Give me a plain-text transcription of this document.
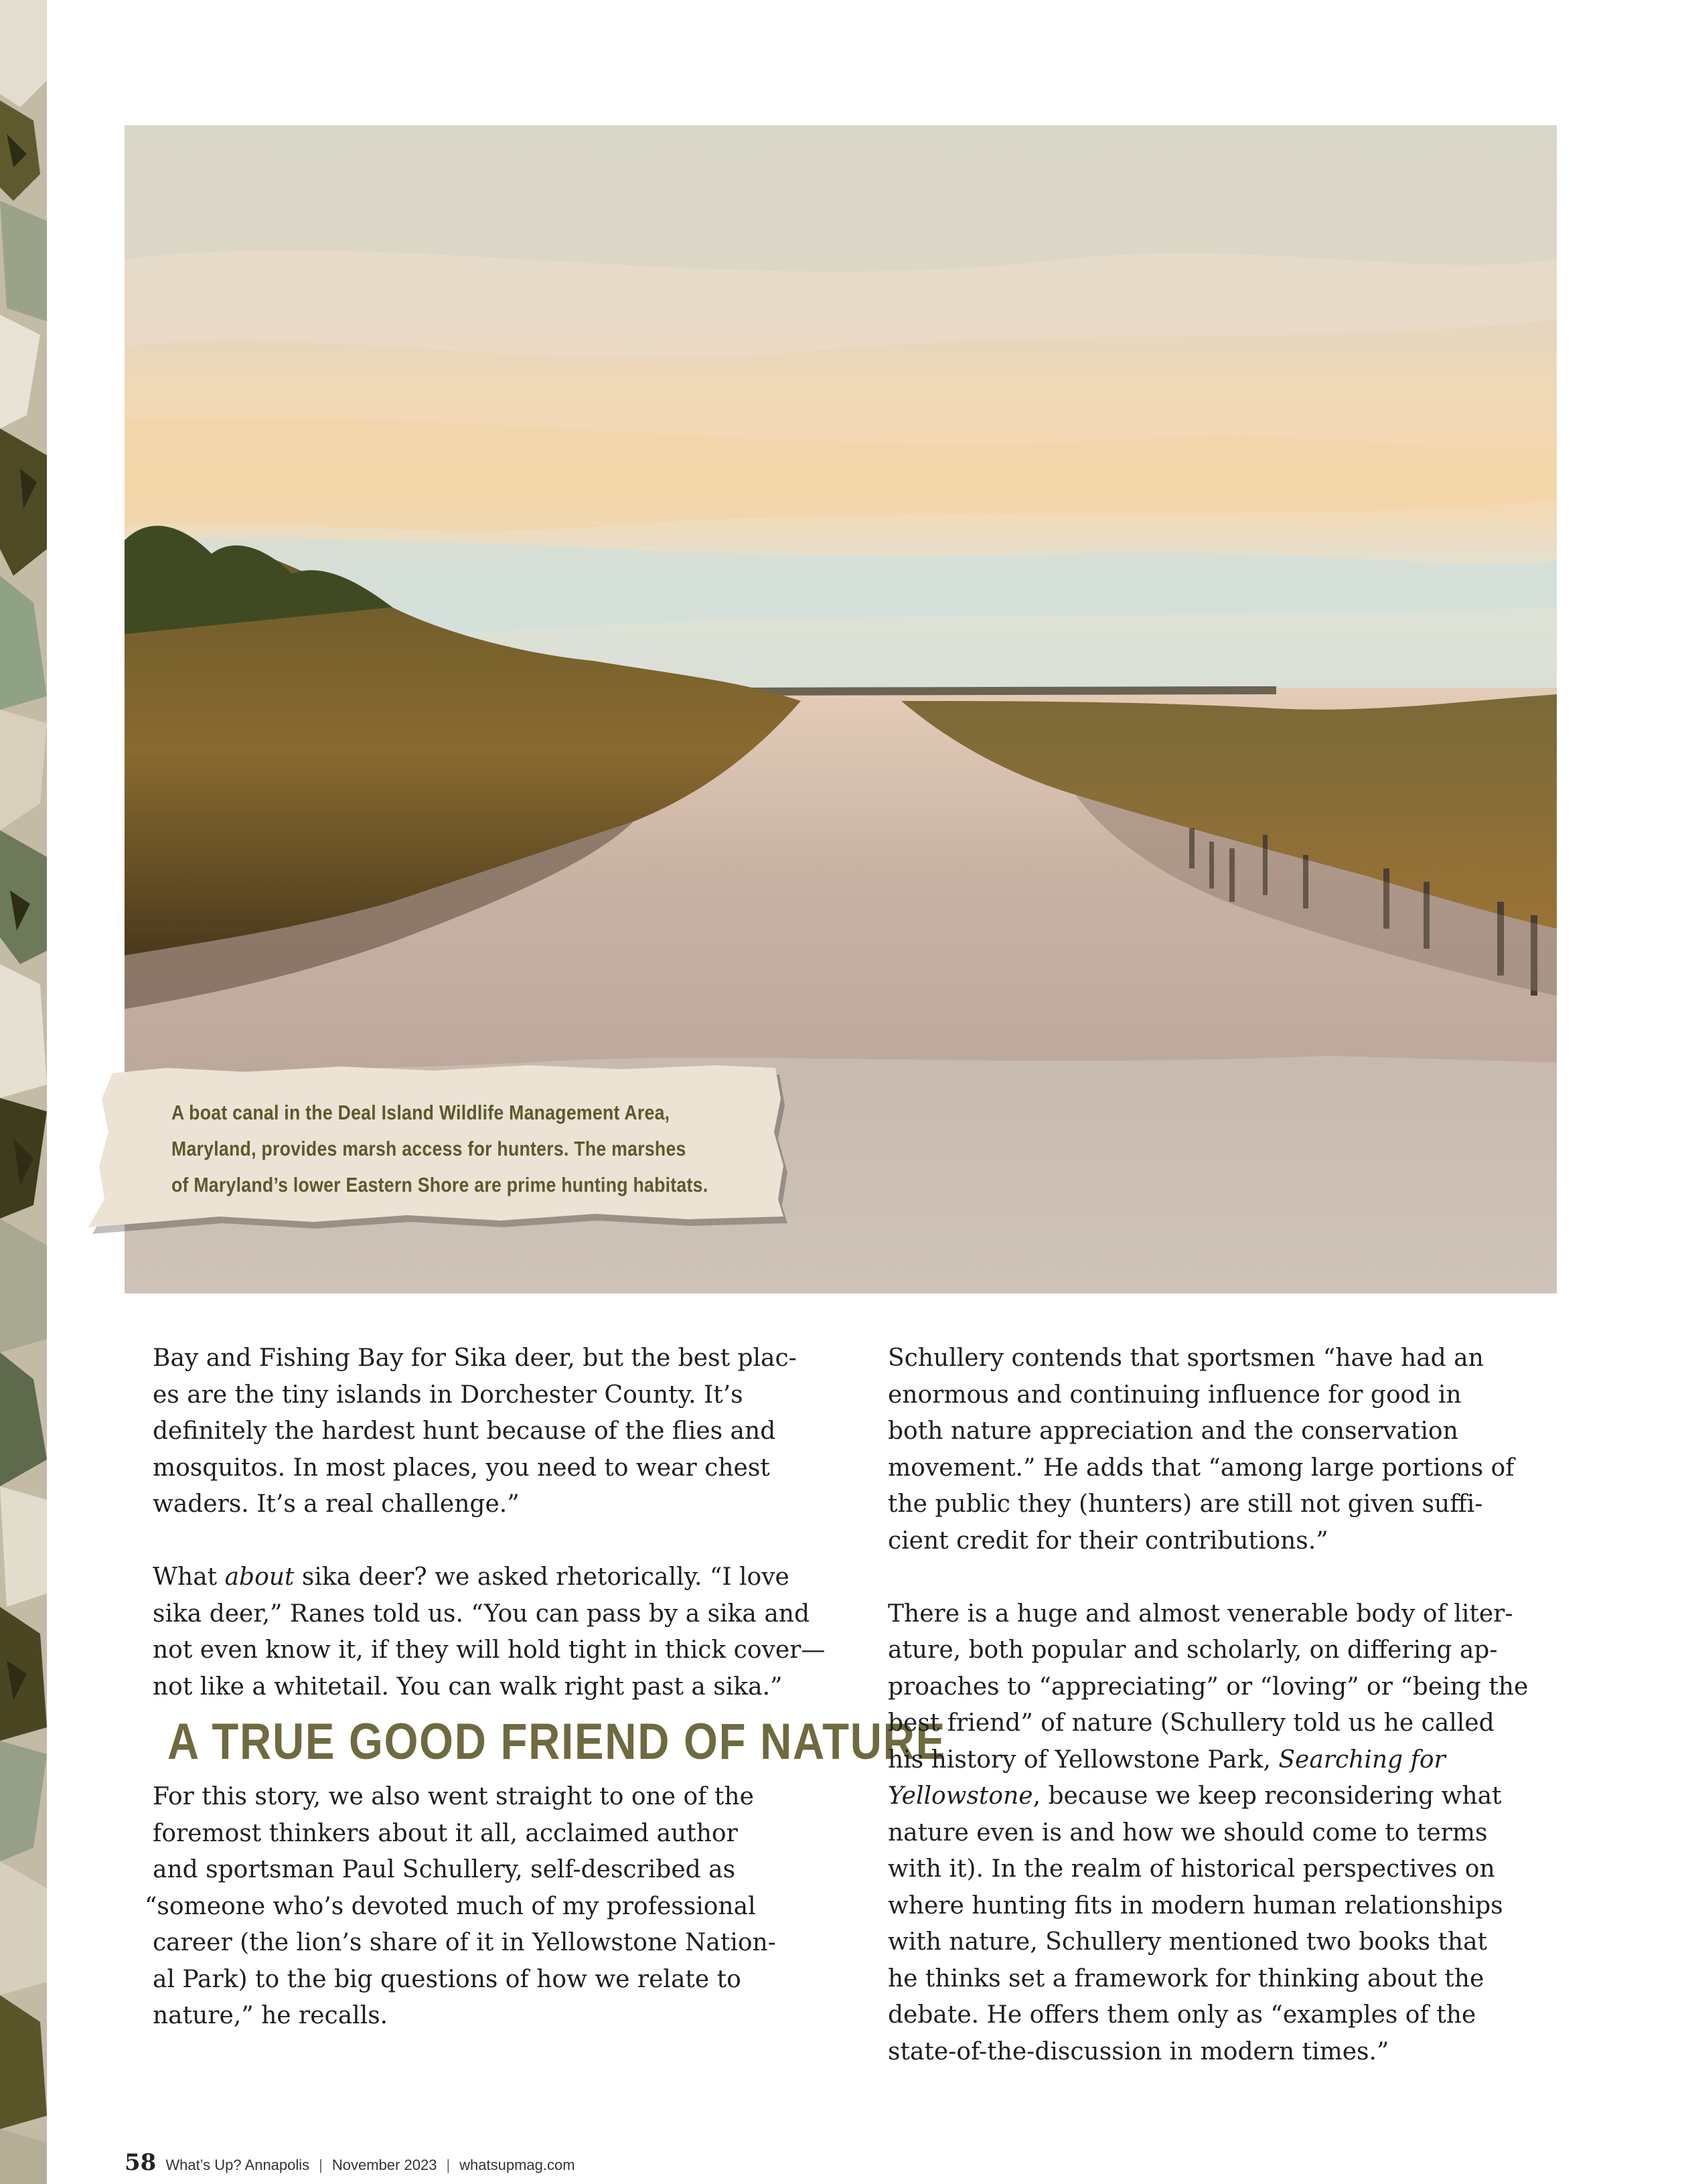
A boat canal in the Deal Island Wildlife Management Area,
Maryland, provides marsh access for hunters. The marshes
of Maryland’s lower Eastern Shore are prime hunting habitats.

Bay and Fishing Bay for Sika deer, but the best plac-
es are the tiny islands in Dorchester County. It’s
definitely the hardest hunt because of the flies and
mosquitos. In most places, you need to wear chest
waders. It’s a real challenge.”

What about sika deer? we asked rhetorically. “I love
sika deer,” Ranes told us. “You can pass by a sika and
not even know it, if they will hold tight in thick cover—
not like a whitetail. You can walk right past a sika.”

A TRUE GOOD FRIEND OF NATURE

For this story, we also went straight to one of the
foremost thinkers about it all, acclaimed author
and sportsman Paul Schullery, self-described as
“someone who’s devoted much of my professional
career (the lion’s share of it in Yellowstone Nation-
al Park) to the big questions of how we relate to
nature,” he recalls.

Schullery contends that sportsmen “have had an
enormous and continuing influence for good in
both nature appreciation and the conservation
movement.” He adds that “among large portions of
the public they (hunters) are still not given suffi-
cient credit for their contributions.”

There is a huge and almost venerable body of liter-
ature, both popular and scholarly, on differing ap-
proaches to “appreciating” or “loving” or “being the
best friend” of nature (Schullery told us he called
his history of Yellowstone Park, Searching for
Yellowstone, because we keep reconsidering what
nature even is and how we should come to terms
with it). In the realm of historical perspectives on
where hunting fits in modern human relationships
with nature, Schullery mentioned two books that
he thinks set a framework for thinking about the
debate. He offers them only as “examples of the
state-of-the-discussion in modern times.”

58 What’s Up? Annapolis | November 2023 | whatsupmag.com
